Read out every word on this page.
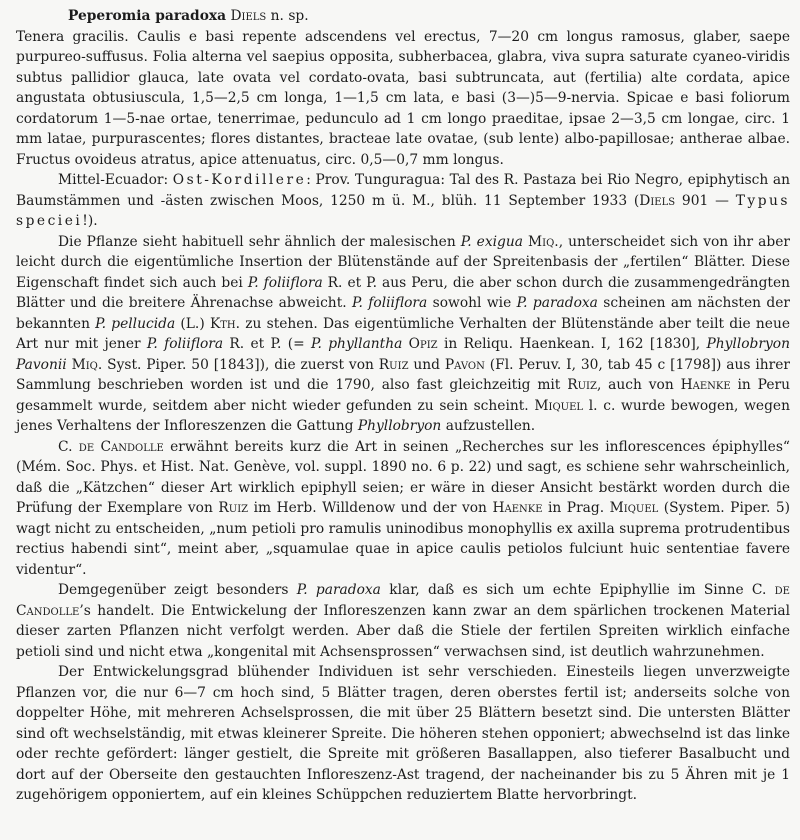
Peperomia paradoxa Diels n. sp.
Tenera gracilis. Caulis e basi repente adscendens vel erectus, 7—20 cm longus ramosus, glaber, saepe purpureo-suffusus. Folia alterna vel saepius opposita, subherbacea, glabra, viva supra saturate cyaneo-viridis subtus pallidior glauca, late ovata vel cordato-ovata, basi subtruncata, aut (fertilia) alte cordata, apice angustata obtusiuscula, 1,5—2,5 cm longa, 1—1,5 cm lata, e basi (3—)5—9-nervia. Spicae e basi foliorum cordatorum 1—5-nae ortae, tenerrimae, pedunculo ad 1 cm longo praeditae, ipsae 2—3,5 cm longae, circ. 1 mm latae, purpurascentes; flores distantes, bracteae late ovatae, (sub lente) albo-papillosae; antherae albae. Fructus ovoideus atratus, apice attenuatus, circ. 0,5—0,7 mm longus.

Mittel-Ecuador: Ost-Kordillere: Prov. Tunguragua: Tal des R. Pastaza bei Rio Negro, epiphytisch an Baumstämmen und -ästen zwischen Moos, 1250 m ü. M., blüh. 11 September 1933 (Diels 901 — Typus speciei!).

Die Pflanze sieht habituell sehr ähnlich der malesischen P. exigua Miq., unterscheidet sich von ihr aber leicht durch die eigentümliche Insertion der Blütenstände auf der Spreitenbasis der „fertilen“ Blätter. Diese Eigenschaft findet sich auch bei P. foliiflora R. et P. aus Peru, die aber schon durch die zusammengedrängten Blätter und die breitere Ährenachse abweicht. P. foliiflora sowohl wie P. paradoxa scheinen am nächsten der bekannten P. pellucida (L.) Kth. zu stehen. Das eigentümliche Verhalten der Blütenstände aber teilt die neue Art nur mit jener P. foliiflora R. et P. (= P. phyllantha Opiz in Reliqu. Haenkean. I, 162 [1830], Phyllobryon Pavonii Miq. Syst. Piper. 50 [1843]), die zuerst von Ruiz und Pavon (Fl. Peruv. I, 30, tab 45 c [1798]) aus ihrer Sammlung beschrieben worden ist und die 1790, also fast gleichzeitig mit Ruiz, auch von Haenke in Peru gesammelt wurde, seitdem aber nicht wieder gefunden zu sein scheint. Miquel l. c. wurde bewogen, wegen jenes Verhaltens der Infloreszenzen die Gattung Phyllobryon aufzustellen.

C. de Candolle erwähnt bereits kurz die Art in seinen „Recherches sur les inflorescences épiphylles“ (Mém. Soc. Phys. et Hist. Nat. Genève, vol. suppl. 1890 no. 6 p. 22) und sagt, es schiene sehr wahrscheinlich, daß die „Kätzchen“ dieser Art wirklich epiphyll seien; er wäre in dieser Ansicht bestärkt worden durch die Prüfung der Exemplare von Ruiz im Herb. Willdenow und der von Haenke in Prag. Miquel (System. Piper. 5) wagt nicht zu entscheiden, „num petioli pro ramulis uninodibus monophyllis ex axilla suprema protrudentibus rectius habendi sint“, meint aber, „squamulae quae in apice caulis petiolos fulciunt huic sententiae favere videntur“.

Demgegenüber zeigt besonders P. paradoxa klar, daß es sich um echte Epiphyllie im Sinne C. de Candolle’s handelt. Die Entwickelung der Infloreszenzen kann zwar an dem spärlichen trockenen Material dieser zarten Pflanzen nicht verfolgt werden. Aber daß die Stiele der fertilen Spreiten wirklich einfache petioli sind und nicht etwa „kongenital mit Achsensprossen“ verwachsen sind, ist deutlich wahrzunehmen.

Der Entwickelungsgrad blühender Individuen ist sehr verschieden. Einesteils liegen unverzweigte Pflanzen vor, die nur 6—7 cm hoch sind, 5 Blätter tragen, deren oberstes fertil ist; anderseits solche von doppelter Höhe, mit mehreren Achselsprossen, die mit über 25 Blättern besetzt sind. Die untersten Blätter sind oft wechselständig, mit etwas kleinerer Spreite. Die höheren stehen opponiert; abwechselnd ist das linke oder rechte gefördert: länger gestielt, die Spreite mit größeren Basallappen, also tieferer Basalbucht und dort auf der Oberseite den gestauchten Infloreszenz-Ast tragend, der nacheinander bis zu 5 Ähren mit je 1 zugehörigem opponiertem, auf ein kleines Schüppchen reduziertem Blatte hervorbringt.
